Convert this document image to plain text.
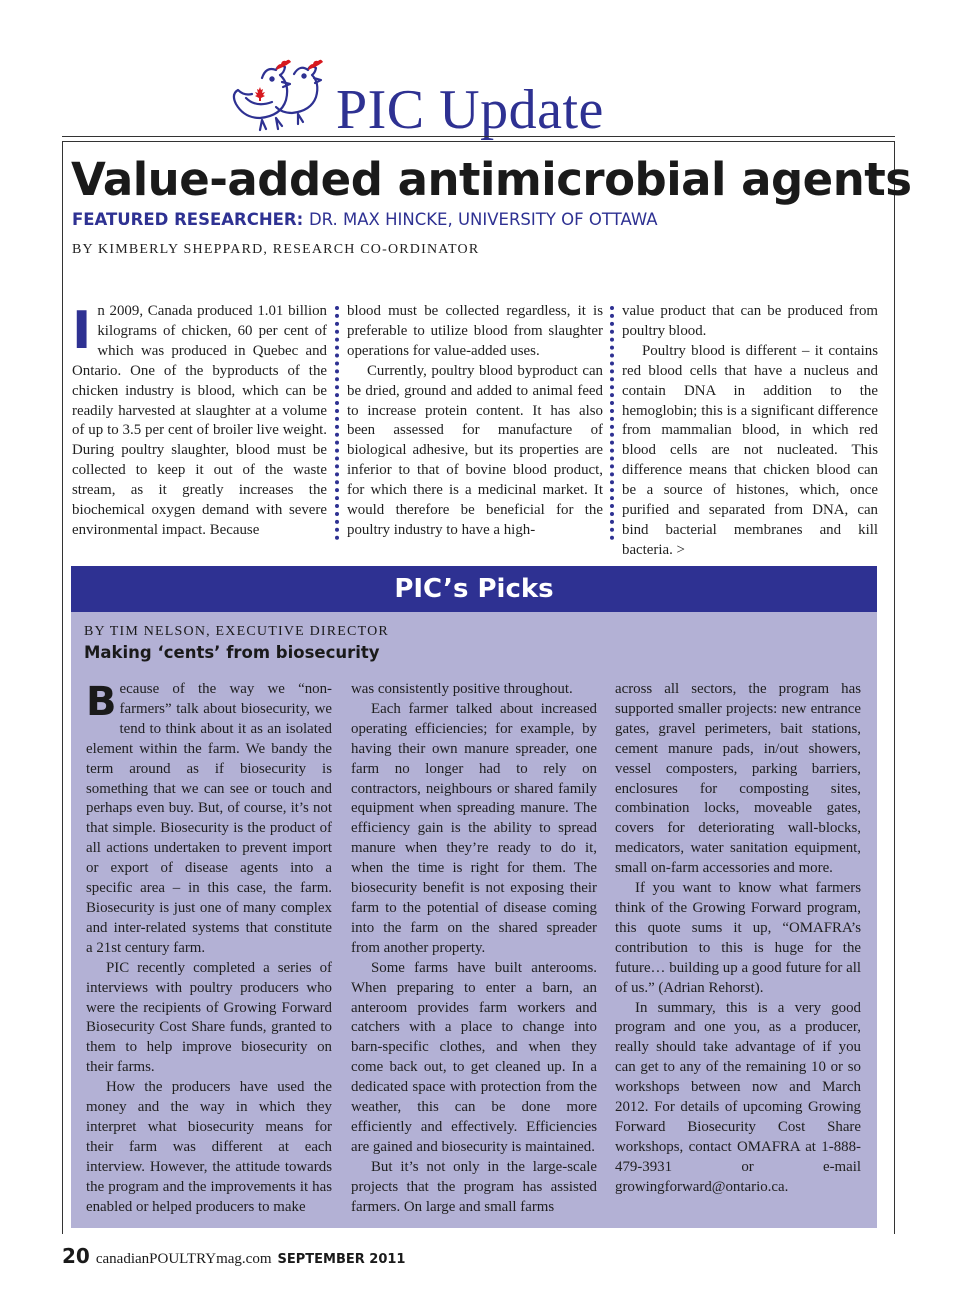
PIC Update
Value-added antimicrobial agents
FEATURED RESEARCHER: DR. MAX HINCKE, UNIVERSITY OF OTTAWA
BY KIMBERLY SHEPPARD, RESEARCH CO-ORDINATOR

In 2009, Canada produced 1.01 billion kilograms of chicken, 60 per cent of which was produced in Quebec and Ontario. One of the byproducts of the chicken industry is blood, which can be readily harvested at slaughter at a volume of up to 3.5 per cent of broiler live weight. During poultry slaughter, blood must be collected to keep it out of the waste stream, as it greatly increases the biochemical oxygen demand with severe environmental impact. Because

blood must be collected regardless, it is preferable to utilize blood from slaughter operations for value-added uses.

Currently, poultry blood byproduct can be dried, ground and added to animal feed to increase protein content. It has also been assessed for manufacture of biological adhesive, but its properties are inferior to that of bovine blood product, for which there is a medicinal market. It would therefore be beneficial for the poultry industry to have a high-

value product that can be produced from poultry blood.

Poultry blood is different – it contains red blood cells that have a nucleus and contain DNA in addition to the hemoglobin; this is a significant difference from mammalian blood, in which red blood cells are not nucleated. This difference means that chicken blood can be a source of histones, which, once purified and separated from DNA, can bind bacterial membranes and kill bacteria. >

PIC’s Picks
BY TIM NELSON, EXECUTIVE DIRECTOR
Making ‘cents’ from biosecurity

Because of the way we “non-farmers” talk about biosecurity, we tend to think about it as an isolated element within the farm. We bandy the term around as if biosecurity is something that we can see or touch and perhaps even buy. But, of course, it’s not that simple. Biosecurity is the product of all actions undertaken to prevent import or export of disease agents into a specific area – in this case, the farm. Biosecurity is just one of many complex and inter-related systems that constitute a 21st century farm.

PIC recently completed a series of interviews with poultry producers who were the recipients of Growing Forward Biosecurity Cost Share funds, granted to them to help improve biosecurity on their farms.

How the producers have used the money and the way in which they interpret what biosecurity means for their farm was different at each interview. However, the attitude towards the program and the improvements it has enabled or helped producers to make

was consistently positive throughout.

Each farmer talked about increased operating efficiencies; for example, by having their own manure spreader, one farm no longer had to rely on contractors, neighbours or shared family equipment when spreading manure. The efficiency gain is the ability to spread manure when they’re ready to do it, when the time is right for them. The biosecurity benefit is not exposing their farm to the potential of disease coming into the farm on the shared spreader from another property.

Some farms have built anterooms. When preparing to enter a barn, an anteroom provides farm workers and catchers with a place to change into barn-specific clothes, and when they come back out, to get cleaned up. In a dedicated space with protection from the weather, this can be done more efficiently and effectively. Efficiencies are gained and biosecurity is maintained.

But it’s not only in the large-scale projects that the program has assisted farmers. On large and small farms

across all sectors, the program has supported smaller projects: new entrance gates, gravel perimeters, bait stations, cement manure pads, in/out showers, vessel composters, parking barriers, enclosures for composting sites, combination locks, moveable gates, covers for deteriorating wall-blocks, medicators, water sanitation equipment, small on-farm accessories and more.

If you want to know what farmers think of the Growing Forward program, this quote sums it up, “OMAFRA’s contribution to this is huge for the future… building up a good future for all of us.” (Adrian Rehorst).

In summary, this is a very good program and one you, as a producer, really should take advantage of if you can get to any of the remaining 10 or so workshops between now and March 2012. For details of upcoming Growing Forward Biosecurity Cost Share workshops, contact OMAFRA at 1-888-479-3931 or e-mail growingforward@ontario.ca.

20 canadianPOULTRYmag.com SEPTEMBER 2011
